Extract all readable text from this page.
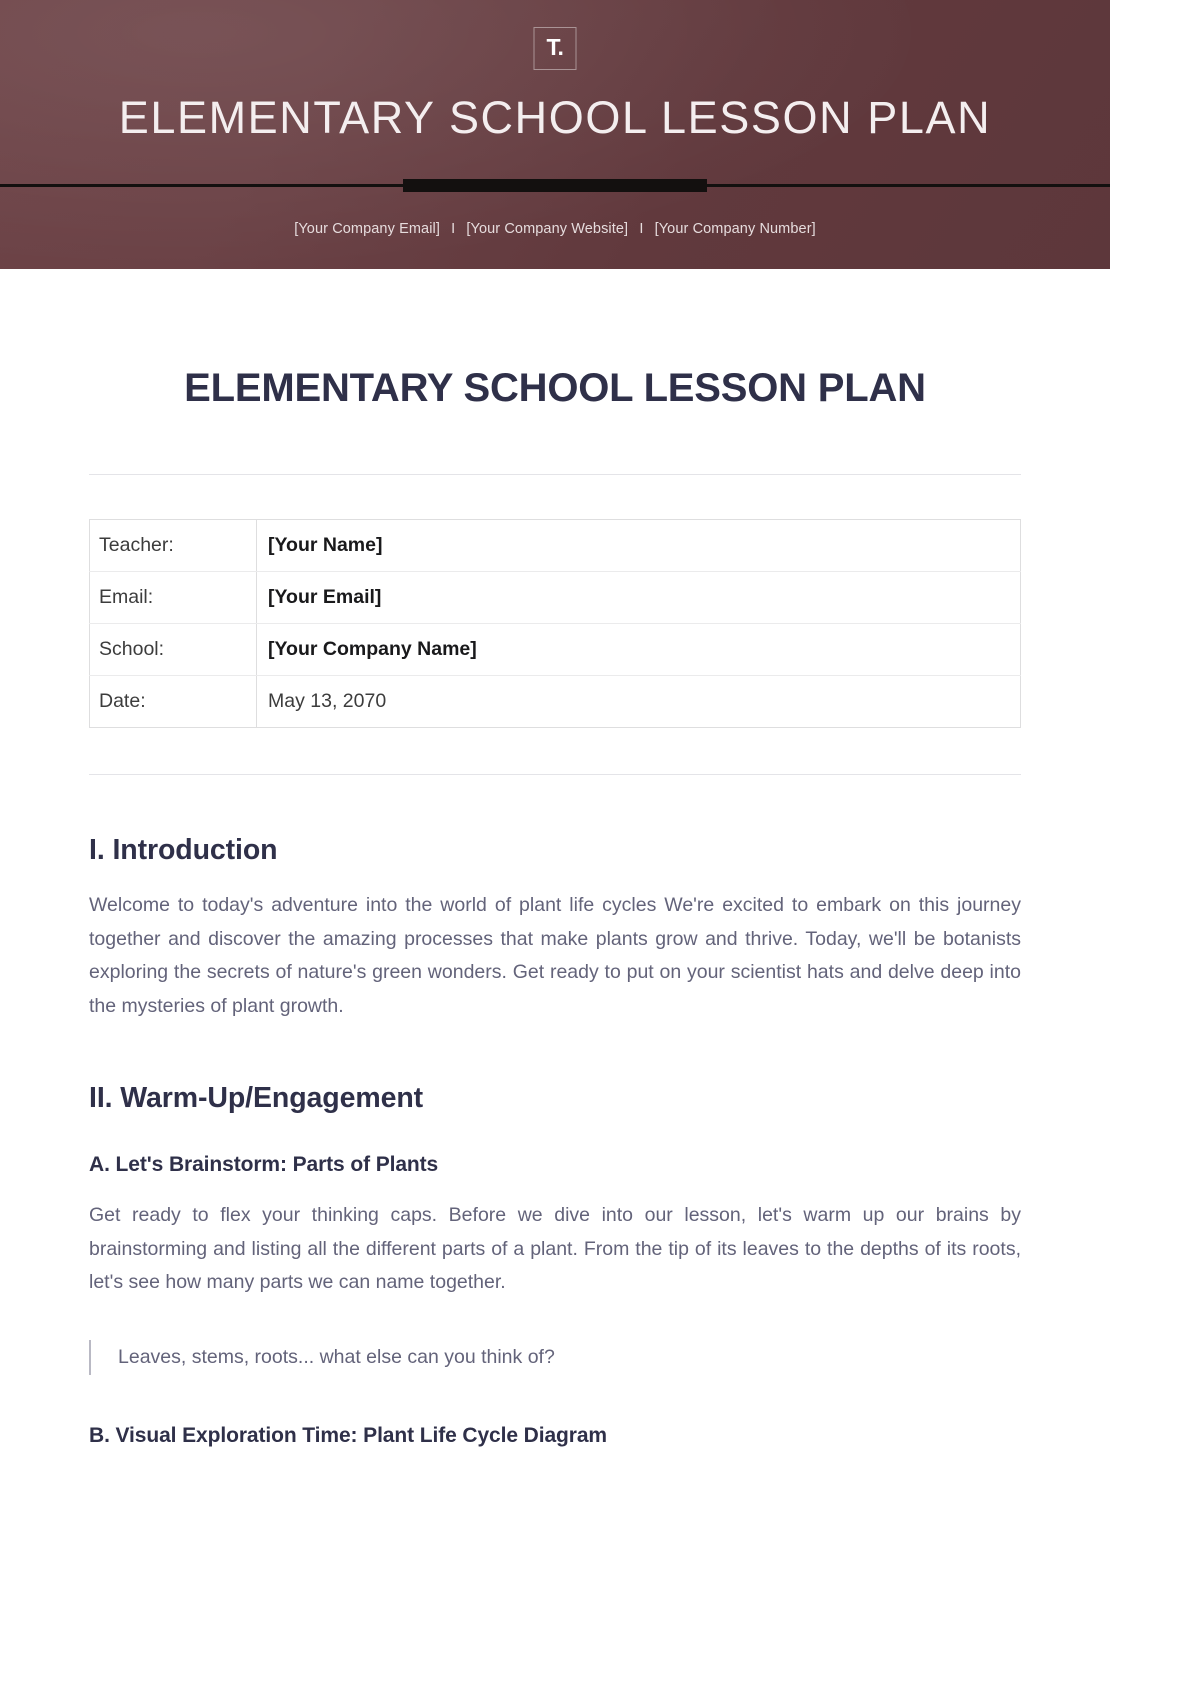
T.
ELEMENTARY SCHOOL LESSON PLAN
[Your Company Email] I [Your Company Website] I [Your Company Number]
ELEMENTARY SCHOOL LESSON PLAN
Teacher:	[Your Name]

Email:	[Your Email]

School:	[Your Company Name]

Date:	May 13, 2070
I. Introduction

Welcome to today's adventure into the world of plant life cycles We're excited to embark on this journey together and discover the amazing processes that make plants grow and thrive. Today, we'll be botanists exploring the secrets of nature's green wonders. Get ready to put on your scientist hats and delve deep into the mysteries of plant growth.

II. Warm-Up/Engagement
A. Let's Brainstorm: Parts of Plants

Get ready to flex your thinking caps. Before we dive into our lesson, let's warm up our brains by brainstorming and listing all the different parts of a plant. From the tip of its leaves to the depths of its roots, let's see how many parts we can name together.

Leaves, stems, roots... what else can you think of?
B. Visual Exploration Time: Plant Life Cycle Diagram
